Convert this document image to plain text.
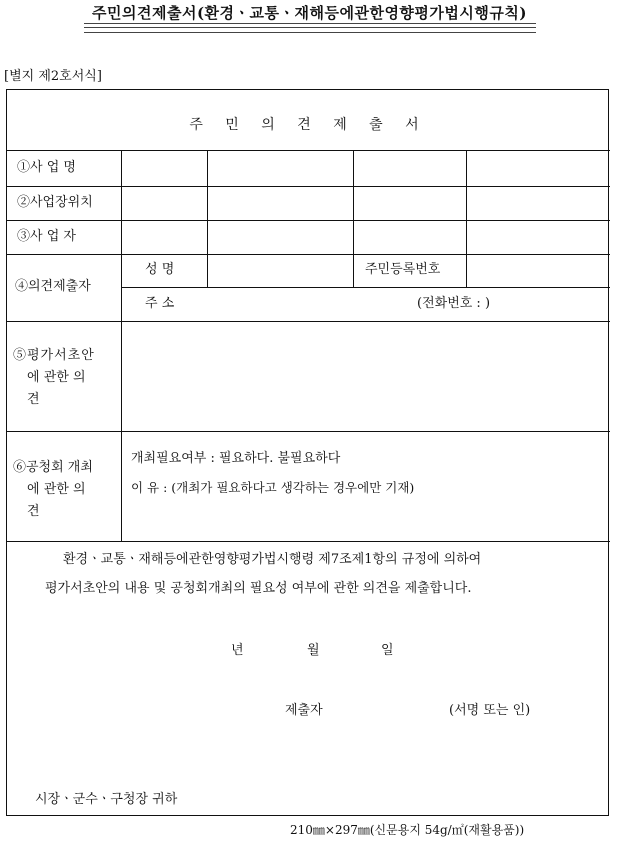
주민의견제출서(환경ㆍ교통ㆍ재해등에관한영향평가법시행규칙)
[별지 제2호서식]
주 민 의 견 제 출 서
①사 업 명
②사업장위치
③사 업 자
④의견제출자
성 명	주민등록번호
주 소	(전화번호 : )
⑤평가서초안
에 관한 의
견
⑥공청회 개최
에 관한 의
견
개최필요여부 : 필요하다. 불필요하다
이 유 : (개최가 필요하다고 생각하는 경우에만 기재)
환경ㆍ교통ㆍ재해등에관한영향평가법시행령 제7조제1항의 규정에 의하여
평가서초안의 내용 및 공청회개최의 필요성 여부에 관한 의견을 제출합니다.
년	월	일
제출자	(서명 또는 인)
시장ㆍ군수ㆍ구청장 귀하
210㎜×297㎜(신문용지 54g/㎡(재활용품))
